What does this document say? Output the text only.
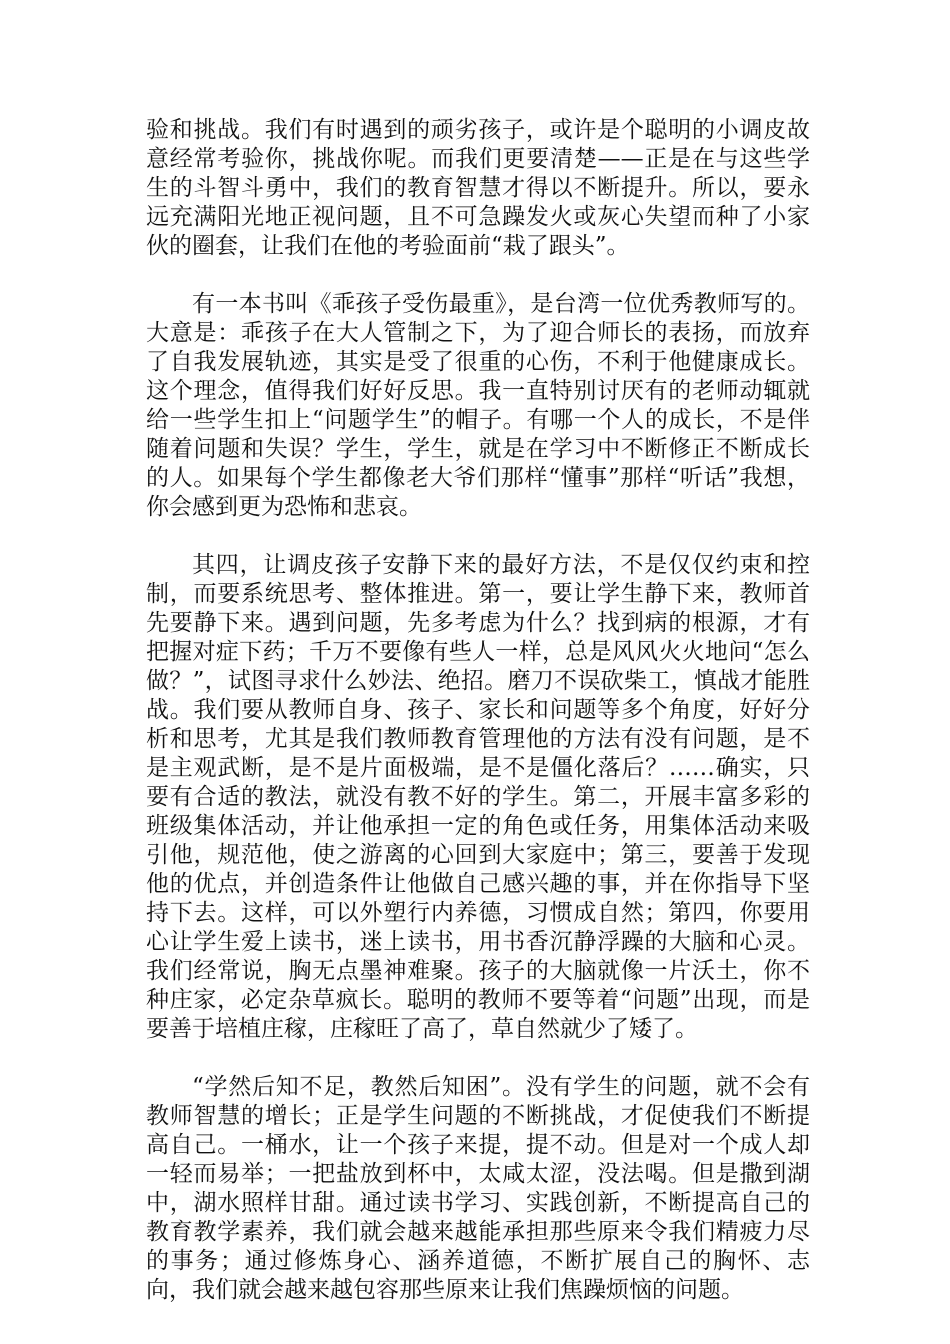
验和挑战。我们有时遇到的顽劣孩子，或许是个聪明的小调皮故意经常考验你，挑战你呢。而我们更要清楚——正是在与这些学生的斗智斗勇中，我们的教育智慧才得以不断提升。所以，要永远充满阳光地正视问题，且不可急躁发火或灰心失望而种了小家伙的圈套，让我们在他的考验面前“栽了跟头”。

有一本书叫《乖孩子受伤最重》，是台湾一位优秀教师写的。大意是：乖孩子在大人管制之下，为了迎合师长的表扬，而放弃了自我发展轨迹，其实是受了很重的心伤，不利于他健康成长。这个理念，值得我们好好反思。我一直特别讨厌有的老师动辄就给一些学生扣上“问题学生”的帽子。有哪一个人的成长，不是伴随着问题和失误？学生，学生，就是在学习中不断修正不断成长的人。如果每个学生都像老大爷们那样“懂事”那样“听话”我想，你会感到更为恐怖和悲哀。

其四，让调皮孩子安静下来的最好方法，不是仅仅约束和控制，而要系统思考、整体推进。第一，要让学生静下来，教师首先要静下来。遇到问题，先多考虑为什么？找到病的根源，才有把握对症下药；千万不要像有些人一样，总是风风火火地问“怎么做？”，试图寻求什么妙法、绝招。磨刀不误砍柴工，慎战才能胜战。我们要从教师自身、孩子、家长和问题等多个角度，好好分析和思考，尤其是我们教师教育管理他的方法有没有问题，是不是主观武断，是不是片面极端，是不是僵化落后？……确实，只要有合适的教法，就没有教不好的学生。第二，开展丰富多彩的班级集体活动，并让他承担一定的角色或任务，用集体活动来吸引他，规范他，使之游离的心回到大家庭中；第三，要善于发现他的优点，并创造条件让他做自己感兴趣的事，并在你指导下坚持下去。这样，可以外塑行内养德，习惯成自然；第四，你要用心让学生爱上读书，迷上读书，用书香沉静浮躁的大脑和心灵。我们经常说，胸无点墨神难聚。孩子的大脑就像一片沃土，你不种庄家，必定杂草疯长。聪明的教师不要等着“问题”出现，而是要善于培植庄稼，庄稼旺了高了，草自然就少了矮了。

“学然后知不足，教然后知困”。没有学生的问题，就不会有教师智慧的增长；正是学生问题的不断挑战，才促使我们不断提高自己。一桶水，让一个孩子来提，提不动。但是对一个成人却一轻而易举；一把盐放到杯中，太咸太涩，没法喝。但是撒到湖中，湖水照样甘甜。通过读书学习、实践创新，不断提高自己的教育教学素养，我们就会越来越能承担那些原来令我们精疲力尽的事务；通过修炼身心、涵养道德，不断扩展自己的胸怀、志向，我们就会越来越包容那些原来让我们焦躁烦恼的问题。
